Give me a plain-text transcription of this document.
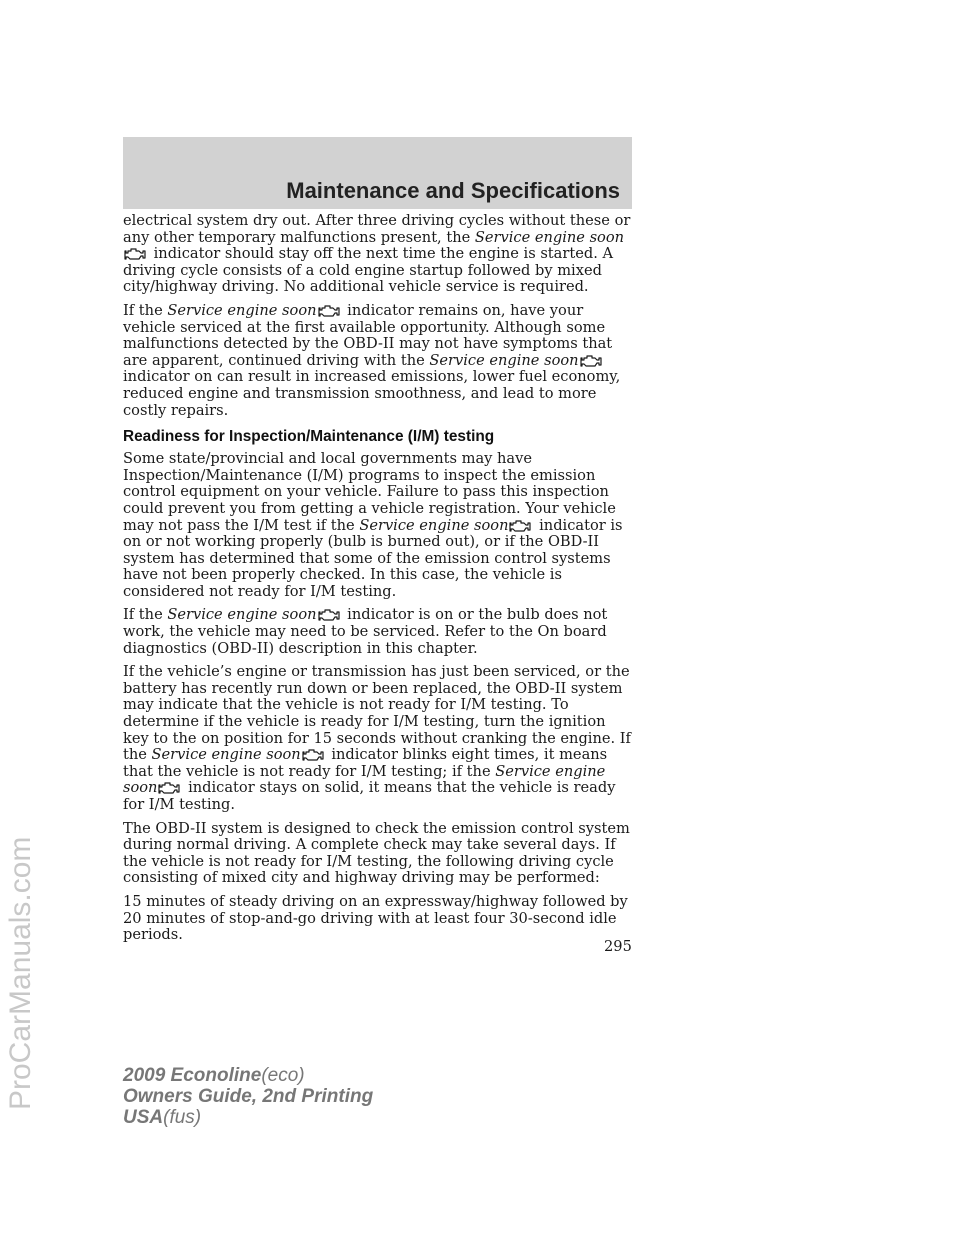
ProCarManuals.com
Maintenance and Specifications

electrical system dry out. After three driving cycles without these or any other temporary malfunctions present, the Service engine soon
indicator should stay off the next time the engine is started. A driving cycle consists of a cold engine startup followed by mixed city/highway driving. No additional vehicle service is required.

If the Service engine soon
indicator remains on, have your vehicle serviced at the first available opportunity. Although some malfunctions detected by the OBD-II may not have symptoms that are apparent, continued driving with the Service engine soon
indicator on can result in increased emissions, lower fuel economy, reduced engine and transmission smoothness, and lead to more costly repairs.

Readiness for Inspection/Maintenance (I/M) testing

Some state/provincial and local governments may have Inspection/Maintenance (I/M) programs to inspect the emission control equipment on your vehicle. Failure to pass this inspection could prevent you from getting a vehicle registration. Your vehicle may not pass the I/M test if the Service engine soon
indicator is on or not working properly (bulb is burned out), or if the OBD-II system has determined that some of the emission control systems have not been properly checked. In this case, the vehicle is considered not ready for I/M testing.

If the Service engine soon
indicator is on or the bulb does not work, the vehicle may need to be serviced. Refer to the On board diagnostics (OBD-II) description in this chapter.

If the vehicle’s engine or transmission has just been serviced, or the battery has recently run down or been replaced, the OBD-II system may indicate that the vehicle is not ready for I/M testing. To determine if the vehicle is ready for I/M testing, turn the ignition key to the on position for 15 seconds without cranking the engine. If the Service engine soon
indicator blinks eight times, it means that the vehicle is not ready for I/M testing; if the Service engine soon
indicator stays on solid, it means that the vehicle is ready for I/M testing.

The OBD-II system is designed to check the emission control system during normal driving. A complete check may take several days. If the vehicle is not ready for I/M testing, the following driving cycle consisting of mixed city and highway driving may be performed:

15 minutes of steady driving on an expressway/highway followed by 20 minutes of stop-and-go driving with at least four 30-second idle periods.

295
2009 Econoline(eco)
Owners Guide, 2nd Printing
USA(fus)
